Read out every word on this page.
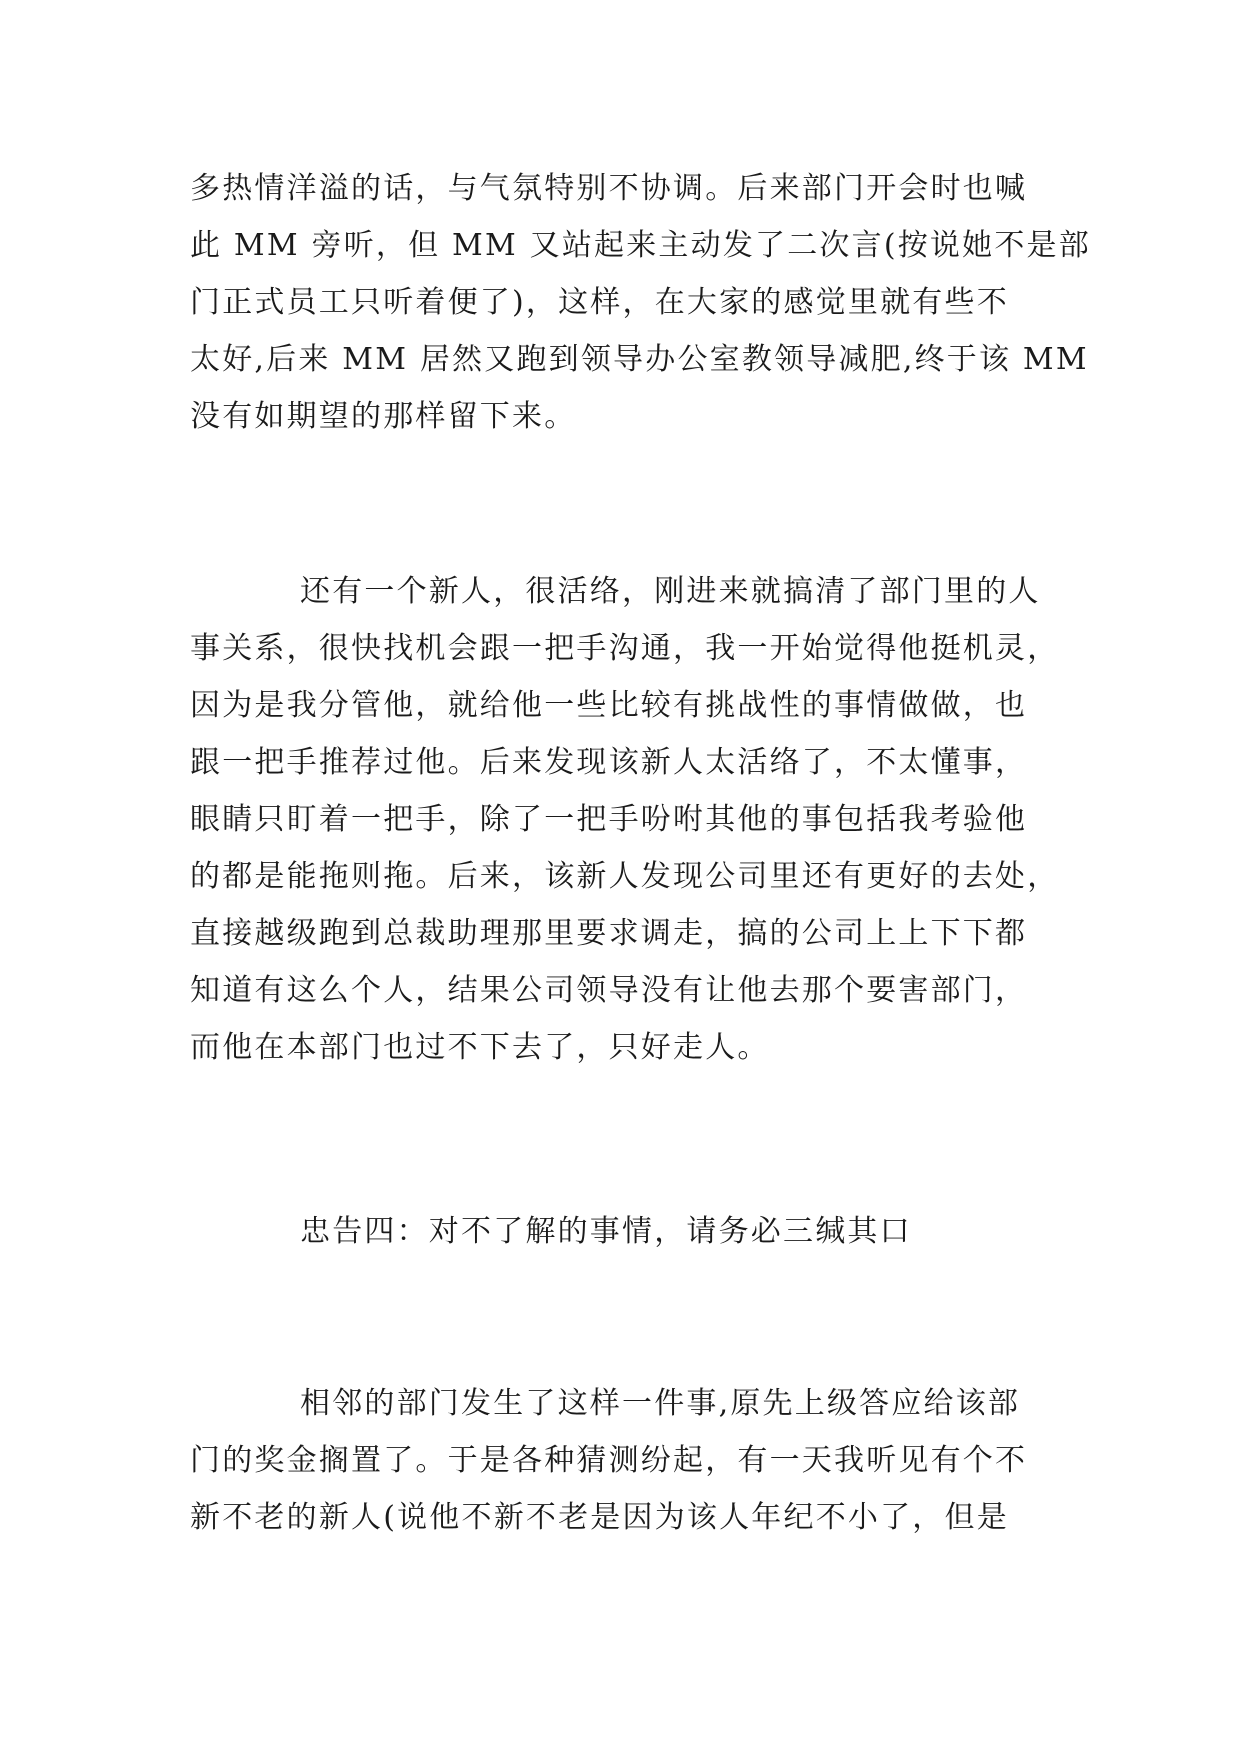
多热情洋溢的话，与气氛特别不协调。后来部门开会时也喊
此 MM 旁听，但 MM 又站起来主动发了二次言(按说她不是部
门正式员工只听着便了)，这样，在大家的感觉里就有些不
太好,后来 MM 居然又跑到领导办公室教领导减肥,终于该 MM
没有如期望的那样留下来。
还有一个新人，很活络，刚进来就搞清了部门里的人
事关系，很快找机会跟一把手沟通，我一开始觉得他挺机灵，
因为是我分管他，就给他一些比较有挑战性的事情做做，也
跟一把手推荐过他。后来发现该新人太活络了，不太懂事，
眼睛只盯着一把手，除了一把手吩咐其他的事包括我考验他
的都是能拖则拖。后来，该新人发现公司里还有更好的去处，
直接越级跑到总裁助理那里要求调走，搞的公司上上下下都
知道有这么个人，结果公司领导没有让他去那个要害部门，
而他在本部门也过不下去了，只好走人。
忠告四：对不了解的事情，请务必三缄其口
相邻的部门发生了这样一件事,原先上级答应给该部
门的奖金搁置了。于是各种猜测纷起，有一天我听见有个不
新不老的新人(说他不新不老是因为该人年纪不小了，但是
